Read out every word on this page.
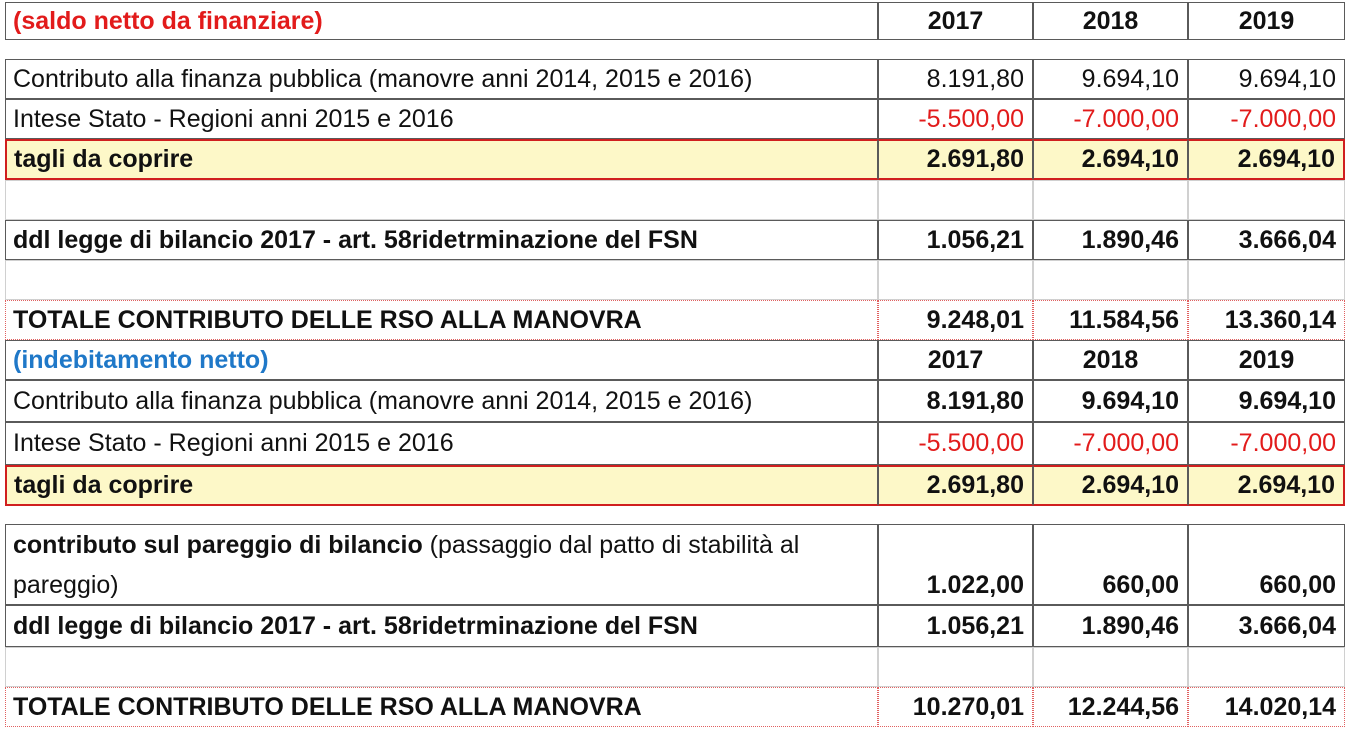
(saldo netto da finanziare)	2017	2018	2019
Contributo alla finanza pubblica (manovre anni 2014, 2015 e 2016)	8.191,80	9.694,10	9.694,10
Intese Stato - Regioni anni 2015 e 2016	-5.500,00	-7.000,00	-7.000,00
tagli da coprire	2.691,80	2.694,10	2.694,10
ddl legge di bilancio 2017 - art. 58ridetrminazione del FSN	1.056,21	1.890,46	3.666,04
TOTALE CONTRIBUTO DELLE RSO ALLA MANOVRA	9.248,01	11.584,56	13.360,14
(indebitamento netto)	2017	2018	2019
Contributo alla finanza pubblica (manovre anni 2014, 2015 e 2016)	8.191,80	9.694,10	9.694,10
Intese Stato - Regioni anni 2015 e 2016	-5.500,00	-7.000,00	-7.000,00
tagli da coprire	2.691,80	2.694,10	2.694,10
contributo sul pareggio di bilancio (passaggio dal patto di stabilità al
pareggio)	1.022,00	660,00	660,00
ddl legge di bilancio 2017 - art. 58ridetrminazione del FSN	1.056,21	1.890,46	3.666,04
TOTALE CONTRIBUTO DELLE RSO ALLA MANOVRA	10.270,01	12.244,56	14.020,14
